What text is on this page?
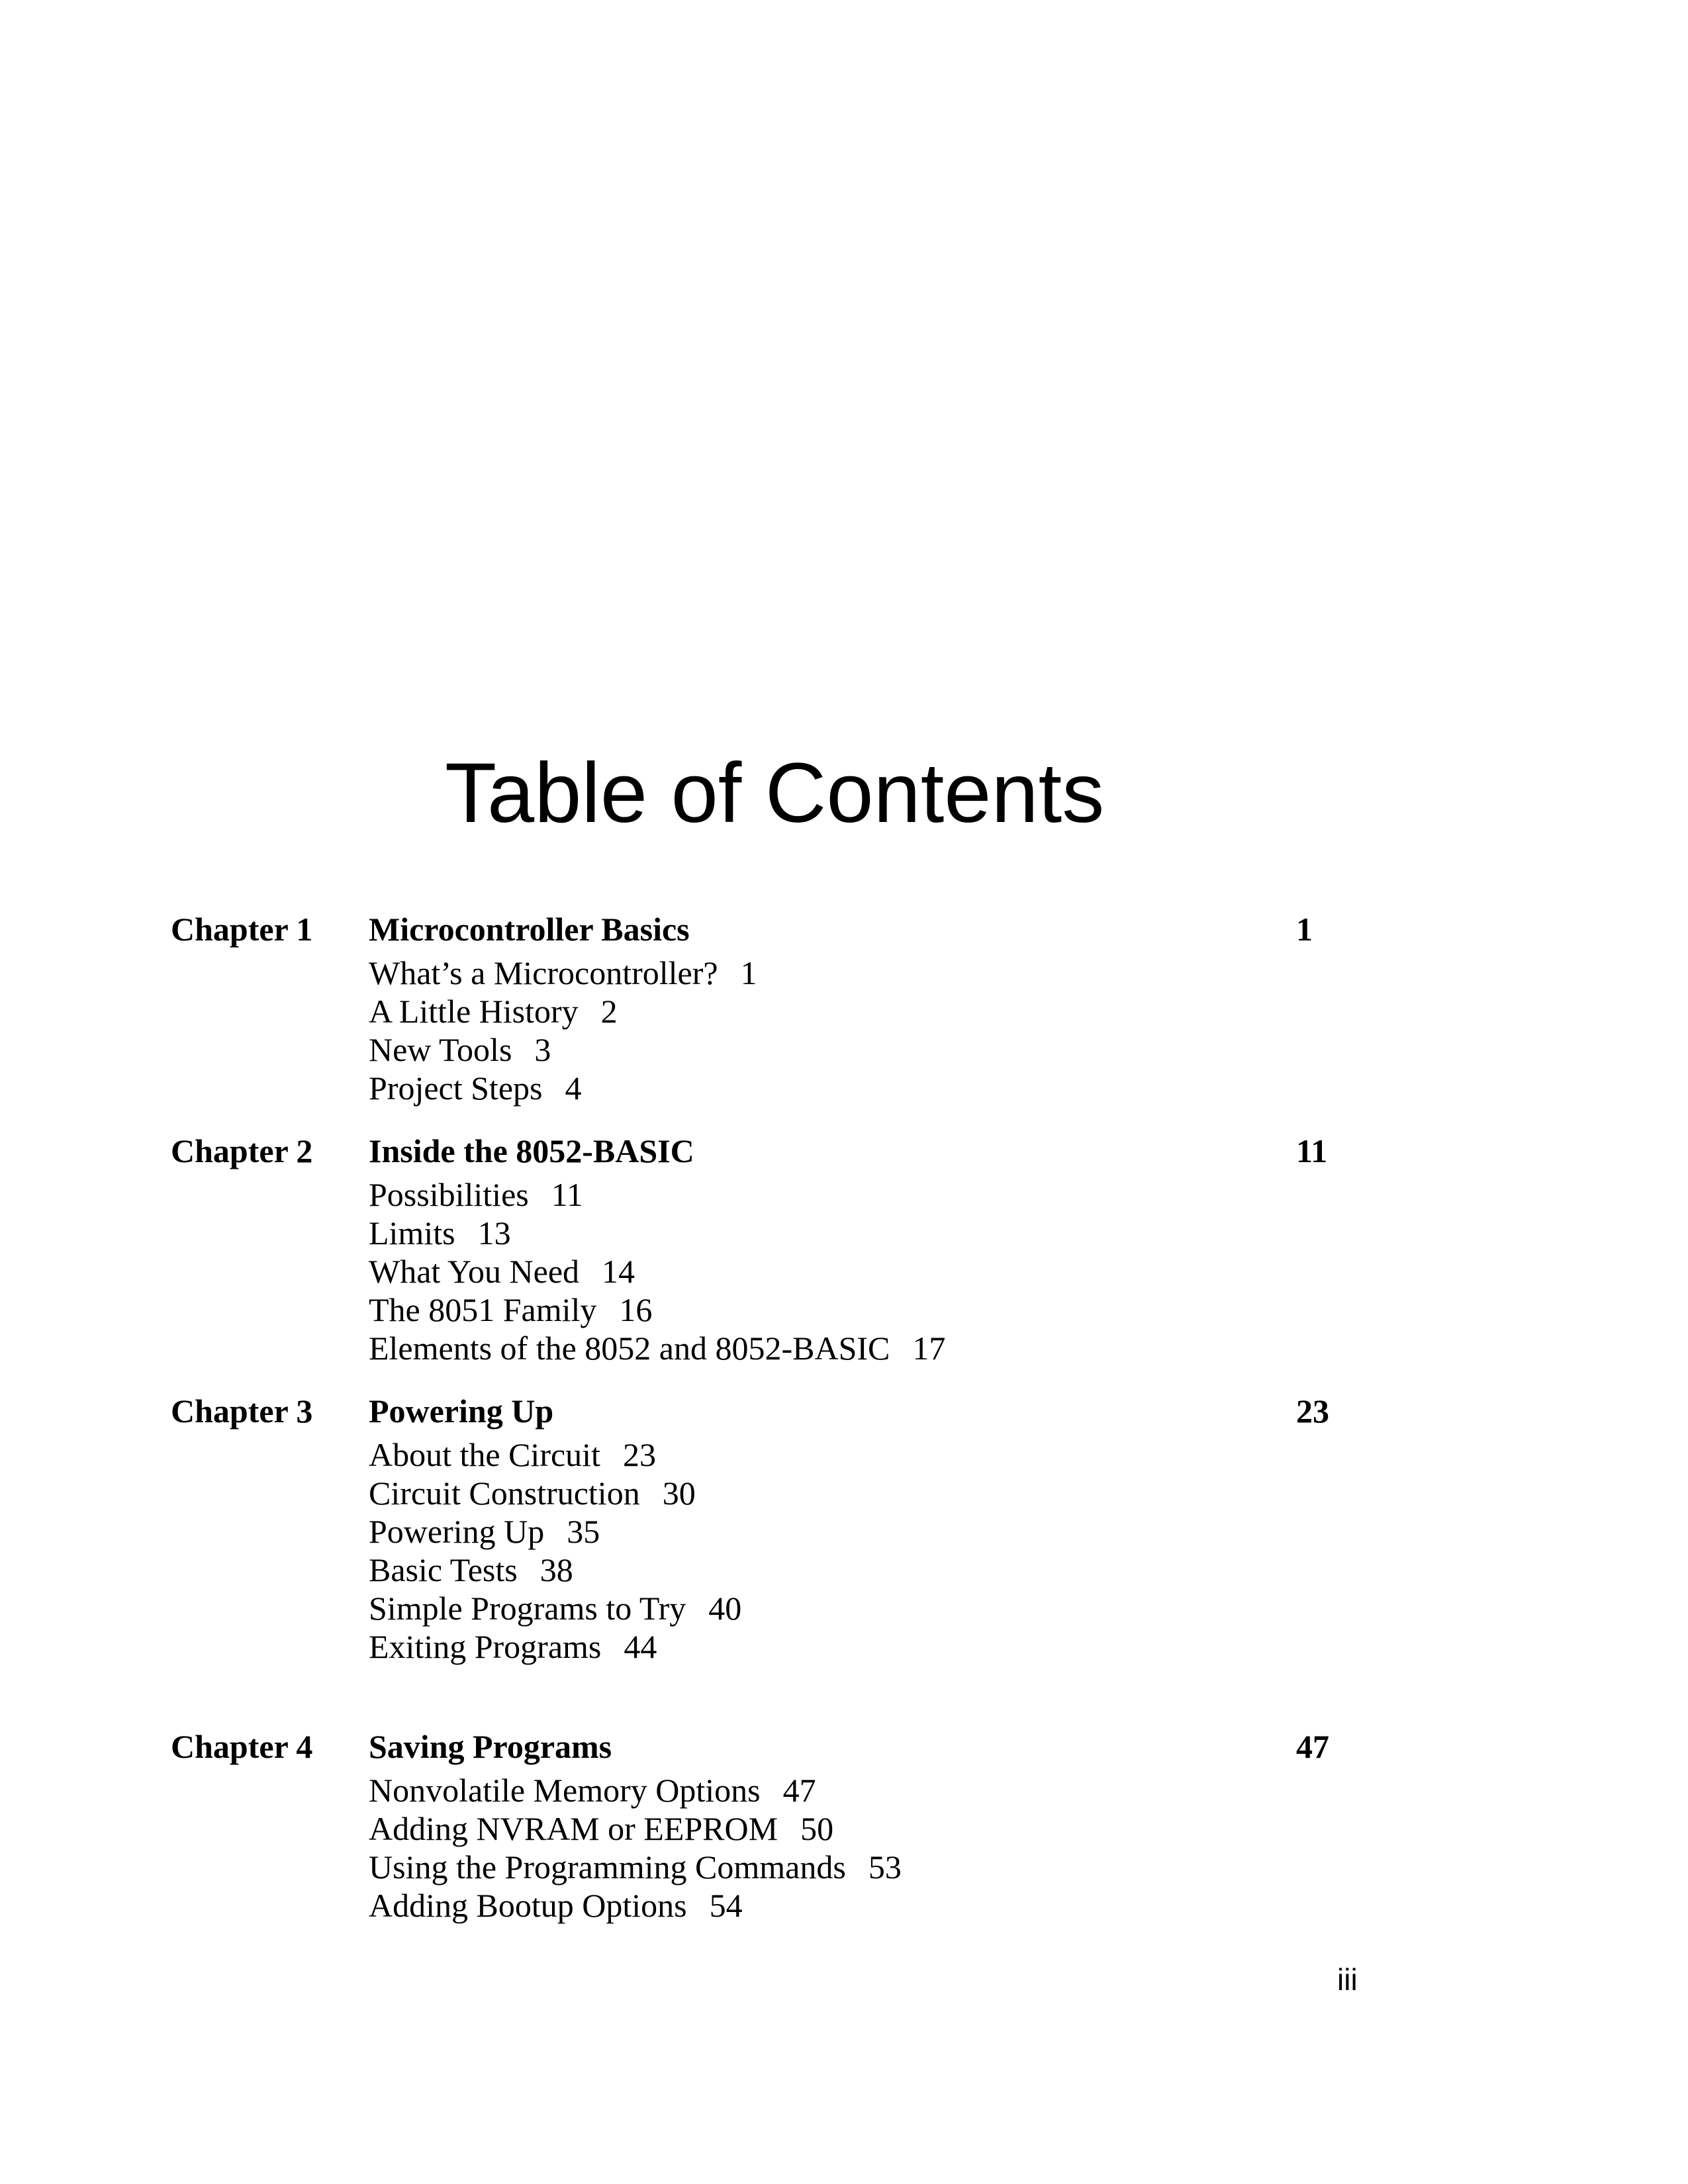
Table of Contents
Chapter 1 Microcontroller Basics	1
What’s a Microcontroller? 1
A Little History 2
New Tools 3
Project Steps 4
Chapter 2 Inside the 8052-BASIC	11
Possibilities 11
Limits 13
What You Need 14
The 8051 Family 16
Elements of the 8052 and 8052-BASIC 17
Chapter 3 Powering Up	23
About the Circuit 23
Circuit Construction 30
Powering Up 35
Basic Tests 38
Simple Programs to Try 40
Exiting Programs 44
Chapter 4 Saving Programs	47
Nonvolatile Memory Options 47
Adding NVRAM or EEPROM 50
Using the Programming Commands 53
Adding Bootup Options 54
iii
